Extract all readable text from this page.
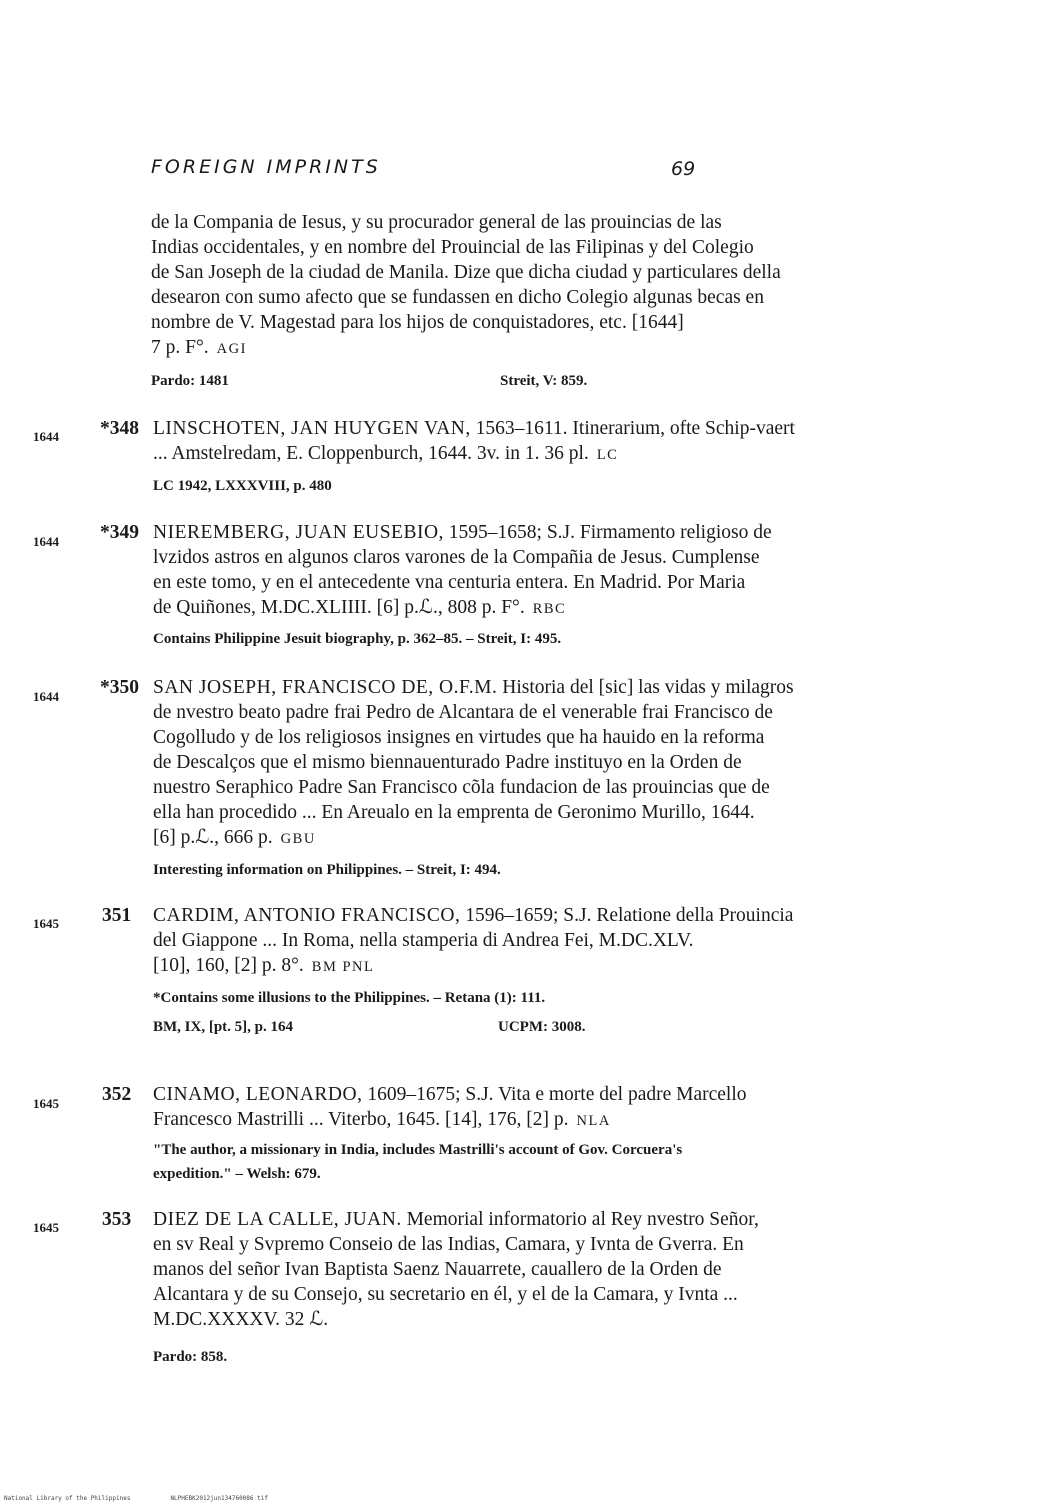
FOREIGN IMPRINTS	69
de la Compania de Iesus, y su procurador general de las prouincias de las
Indias occidentales, y en nombre del Prouincial de las Filipinas y del Colegio
de San Joseph de la ciudad de Manila. Dize que dicha ciudad y particulares della
desearon con sumo afecto que se fundassen en dicho Colegio algunas becas en
nombre de V. Magestad para los hijos de conquistadores, etc. [1644]
7 p. F°. AGI
Pardo: 1481	Streit, V: 859.
1644 *348 LINSCHOTEN, JAN HUYGEN VAN, 1563–1611. Itinerarium, ofte Schip-vaert
... Amstelredam, E. Cloppenburch, 1644. 3v. in 1. 36 pl. LC
LC 1942, LXXXVIII, p. 480
1644 *349 NIEREMBERG, JUAN EUSEBIO, 1595–1658; S.J. Firmamento religioso de
lvzidos astros en algunos claros varones de la Compañia de Jesus. Cumplense
en este tomo, y en el antecedente vna centuria entera. En Madrid. Por Maria
de Quiñones, M.DC.XLIIII. [6] p.ℒ., 808 p. F°. RBC
Contains Philippine Jesuit biography, p. 362–85. – Streit, I: 495.
1644 *350 SAN JOSEPH, FRANCISCO DE, O.F.M. Historia del [sic] las vidas y milagros
de nvestro beato padre frai Pedro de Alcantara de el venerable frai Francisco de
Cogolludo y de los religiosos insignes en virtudes que ha hauido en la reforma
de Descalços que el mismo biennauenturado Padre instituyo en la Orden de
nuestro Seraphico Padre San Francisco cõla fundacion de las prouincias que de
ella han procedido ... En Areualo en la emprenta de Geronimo Murillo, 1644.
[6] p.ℒ., 666 p. GBU
Interesting information on Philippines. – Streit, I: 494.
1645 351 CARDIM, ANTONIO FRANCISCO, 1596–1659; S.J. Relatione della Prouincia
del Giappone ... In Roma, nella stamperia di Andrea Fei, M.DC.XLV.
[10], 160, [2] p. 8°. BM PNL
*Contains some illusions to the Philippines. – Retana (1): 111.
BM, IX, [pt. 5], p. 164	UCPM: 3008.
1645 352 CINAMO, LEONARDO, 1609–1675; S.J. Vita e morte del padre Marcello
Francesco Mastrilli ... Viterbo, 1645. [14], 176, [2] p. NLA
"The author, a missionary in India, includes Mastrilli's account of Gov. Corcuera's
expedition." – Welsh: 679.
1645 353 DIEZ DE LA CALLE, JUAN. Memorial informatorio al Rey nvestro Señor,
en sv Real y Svpremo Conseio de las Indias, Camara, y Ivnta de Gverra. En
manos del señor Ivan Baptista Saenz Nauarrete, cauallero de la Orden de
Alcantara y de su Consejo, su secretario en él, y el de la Camara, y Ivnta ...
M.DC.XXXXV. 32 ℒ.
Pardo: 858.
National Library of the Philippines	NLPHEBK2012jun134760086 tif
